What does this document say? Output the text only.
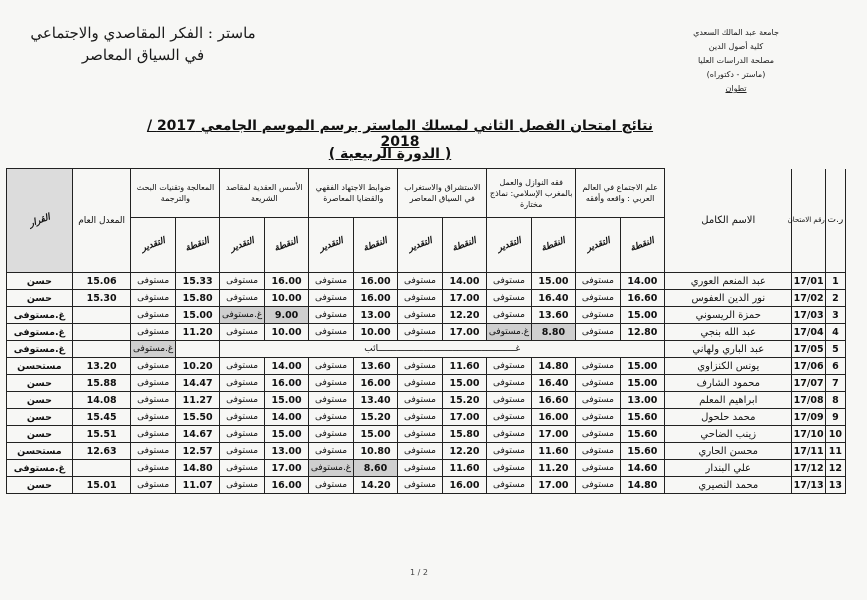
ماستر : الفكر المقاصدي والاجتماعي
في السياق المعاصر
جامعة عبد المالك السعدي
كلية أصول الدين
مصلحة الدراسات العليا
(ماستر - دكتوراه)
تطوان
نتائج امتحان الفصل الثاني لمسلك الماستر برسم الموسم الجامعي 2017 / 2018
( الدورة الربيعية )
ر.ت	رقم الامتحان	الاسم الكامل	علم الاجتماع في العالم العربي : واقعه وأفقه		فقه النوازل والعمل بالمغرب الإسلامي: نماذج مختارة		الاستشراق والاستغراب في السياق المعاصر		ضوابط الاجتهاد الفقهي والقضايا المعاصرة		الأسس العقدية لمقاصد الشريعة		المعالجة وتقنيات البحث والترجمة		المعدل العام	القرار
			النقطة	التقدير	النقطة	التقدير	النقطة	التقدير	النقطة	التقدير	النقطة	التقدير	النقطة	التقدير		
1	17/01	عبد المنعم العوري	14.00	مستوفى	15.00	مستوفى	14.00	مستوفى	16.00	مستوفى	16.00	مستوفى	15.33	مستوفى	15.06	حسن
2	17/02	نور الدين العفوس	16.60	مستوفى	16.40	مستوفى	17.00	مستوفى	16.00	مستوفى	10.00	مستوفى	15.80	مستوفى	15.30	حسن
3	17/03	حمزة الريسوني	15.00	مستوفى	13.60	مستوفى	12.20	مستوفى	13.00	مستوفى	9.00	غ.مستوفى	15.00	مستوفى		غ.مستوفى
4	17/04	عبد الله بنجي	12.80	مستوفى	8.80	غ.مستوفى	17.00	مستوفى	10.00	مستوفى	10.00	مستوفى	11.20	مستوفى		غ.مستوفى
5	17/05	عبد الباري ولهاني	غــــــــــــــــــــــــــــــــــــــــــــــــــــائب											غ.مستوفى		غ.مستوفى
6	17/06	يونس الكنزاوي	15.00	مستوفى	14.80	مستوفى	11.60	مستوفى	13.60	مستوفى	14.00	مستوفى	10.20	مستوفى	13.20	مستحسن
7	17/07	محمود الشارف	15.00	مستوفى	16.40	مستوفى	15.00	مستوفى	16.00	مستوفى	16.00	مستوفى	14.47	مستوفى	15.88	حسن
8	17/08	ابراهيم المعلم	13.00	مستوفى	16.60	مستوفى	15.20	مستوفى	13.40	مستوفى	15.00	مستوفى	11.27	مستوفى	14.08	حسن
9	17/09	محمد حلحول	15.60	مستوفى	16.00	مستوفى	17.00	مستوفى	15.20	مستوفى	14.00	مستوفى	15.50	مستوفى	15.45	حسن
10	17/10	زينب الضاحي	15.60	مستوفى	17.00	مستوفى	15.80	مستوفى	15.00	مستوفى	15.00	مستوفى	14.67	مستوفى	15.51	حسن
11	17/11	محسن الحاري	15.60	مستوفى	11.60	مستوفى	12.20	مستوفى	10.80	مستوفى	13.00	مستوفى	12.57	مستوفى	12.63	مستحسن
12	17/12	علي البندار	14.60	مستوفى	11.20	مستوفى	11.60	مستوفى	8.60	غ.مستوفى	17.00	مستوفى	14.80	مستوفى		غ.مستوفى
13	17/13	محمد النصيري	14.80	مستوفى	17.00	مستوفى	16.00	مستوفى	14.20	مستوفى	16.00	مستوفى	11.07	مستوفى	15.01	حسن
1 / 2
